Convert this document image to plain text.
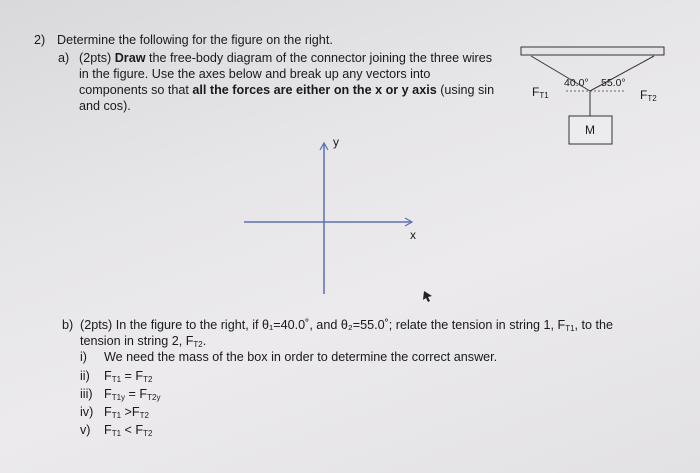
2) Determine the following for the figure on the right.
a) (2pts) Draw the free-body diagram of the connector joining the three wires
in the figure. Use the axes below and break up any vectors into
components so that all the forces are either on the x or y axis (using sin
and cos).
y
x
$F_{T1}$	$F_{T2}$
40.0° 55.0°
M
b) (2pts) In the figure to the right, if θ₁=40.0˚, and θ₂=55.0˚; relate the tension in string 1, $F_{T1}$, to the
tension in string 2, $F_{T2}$.
i) We need the mass of the box in order to determine the correct answer.
ii) $F_{T1} = F_{T2}$
iii) $F_{T1y} = F_{T2y}$
iv) $F_{T1} >F_{T2}$
v) $F_{T1} < F_{T2}$
